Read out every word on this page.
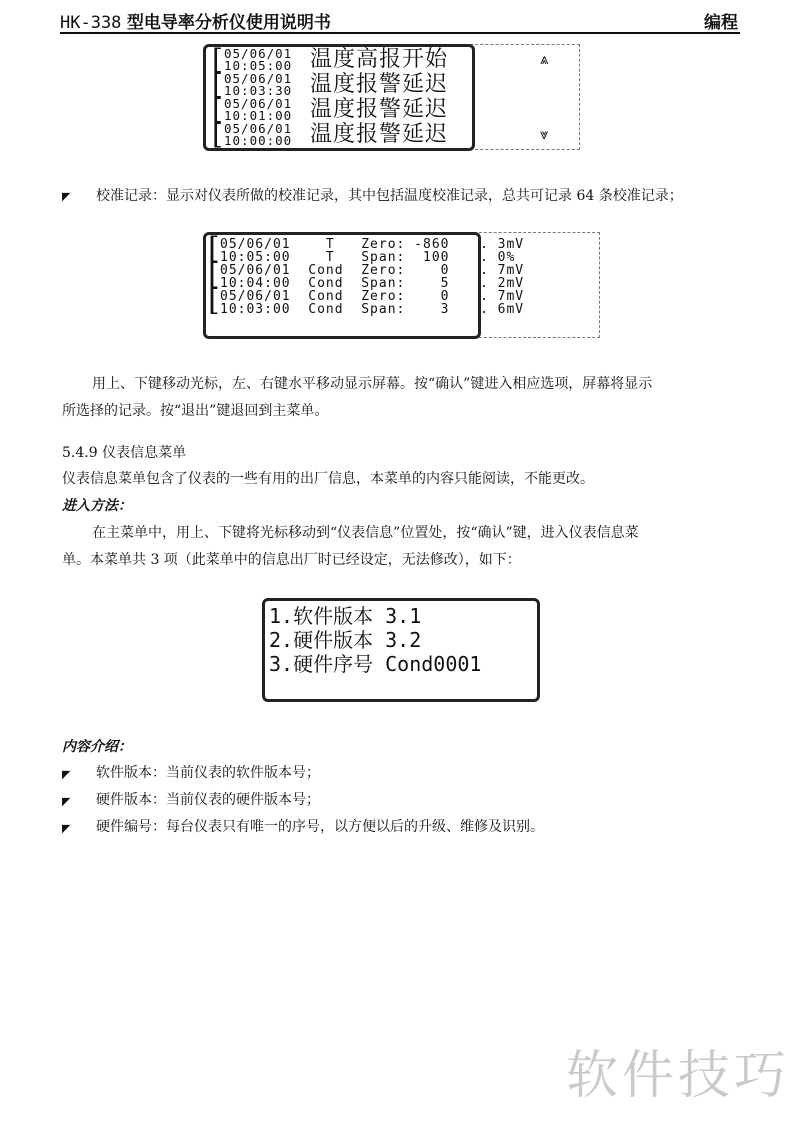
HK-338 型电导率分析仪使用说明书	编程
[ 05/06/01
10:05:00 温度高报开始
[ 05/06/01
10:03:30 温度报警延迟
[ 05/06/01
10:01:00 温度报警延迟
[ 05/06/01
10:00:00 温度报警延迟
⩓
⩔
◤ 校准记录：显示对仪表所做的校准记录，其中包括温度校准记录，总共可记录 64 条校准记录；
[
[
[
05/06/01    T   Zero: -860
10:05:00    T   Span:  100
05/06/01  Cond  Zero:    0
10:04:00  Cond  Span:    5
05/06/01  Cond  Zero:    0
10:03:00  Cond  Span:    3
. 3mV
. 0%
. 7mV
. 2mV
. 7mV
. 6mV
用上、下键移动光标，左、右键水平移动显示屏幕。按“确认”键进入相应选项，屏幕将显示
所选择的记录。按“退出”键退回到主菜单。
5.4.9 仪表信息菜单
仪表信息菜单包含了仪表的一些有用的出厂信息，本菜单的内容只能阅读，不能更改。
进入方法：
在主菜单中，用上、下键将光标移动到“仪表信息”位置处，按“确认”键，进入仪表信息菜
单。本菜单共 3 项（此菜单中的信息出厂时已经设定，无法修改），如下：
1.软件版本 3.1
2.硬件版本 3.2
3.硬件序号 Cond0001
内容介绍：
◤ 软件版本：当前仪表的软件版本号；
◤ 硬件版本：当前仪表的硬件版本号；
◤ 硬件编号：每台仪表只有唯一的序号，以方便以后的升级、维修及识别。
软件技巧
